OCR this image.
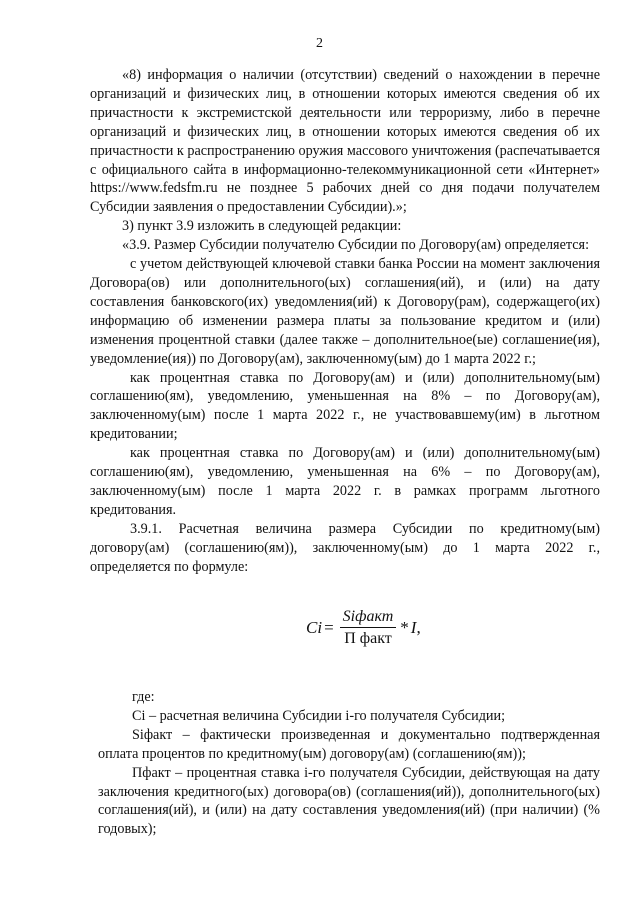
2

«8) информация о наличии (отсутствии) сведений о нахождении в перечне организаций и физических лиц, в отношении которых имеются сведения об их причастности к экстремистской деятельности или терроризму, либо в перечне организаций и физических лиц, в отношении которых имеются сведения об их причастности к распространению оружия массового уничтожения (распечатывается с официального сайта в информационно-телекоммуникационной сети «Интернет» https://www.fedsfm.ru не позднее 5 рабочих дней со дня подачи получателем Субсидии заявления о предоставлении Субсидии).»;

3) пункт 3.9 изложить в следующей редакции:

«3.9. Размер Субсидии получателю Субсидии по Договору(ам) определяется:

с учетом действующей ключевой ставки банка России на момент заключения Договора(ов) или дополнительного(ых) соглашения(ий), и (или) на дату составления банковского(их) уведомления(ий) к Договору(рам), содержащего(их) информацию об изменении размера платы за пользование кредитом и (или) изменения процентной ставки (далее также – дополнительное(ые) соглашение(ия), уведомление(ия)) по Договору(ам), заключенному(ым) до 1 марта 2022 г.;

как процентная ставка по Договору(ам) и (или) дополнительному(ым) соглашению(ям), уведомлению, уменьшенная на 8% – по Договору(ам), заключенному(ым) после 1 марта 2022 г., не участвовавшему(им) в льготном кредитовании;

как процентная ставка по Договору(ам) и (или) дополнительному(ым) соглашению(ям), уведомлению, уменьшенная на 6% – по Договору(ам), заключенному(ым) после 1 марта 2022 г. в рамках программ льготного кредитования.

3.9.1. Расчетная величина размера Субсидии по кредитному(ым) договору(ам) (соглашению(ям)), заключенному(ым) до 1 марта 2022 г., определяется по формуле:

$Ci = \frac{\text{Siфакт}}{\text{П факт}} * I$ ,

где:

Ci – расчетная величина Субсидии i-го получателя Субсидии;

Siфакт – фактически произведенная и документально подтвержденная оплата процентов по кредитному(ым) договору(ам) (соглашению(ям));

Пфакт – процентная ставка i-го получателя Субсидии, действующая на дату заключения кредитного(ых) договора(ов) (соглашения(ий)), дополнительного(ых) соглашения(ий), и (или) на дату составления уведомления(ий) (при наличии) (% годовых);
